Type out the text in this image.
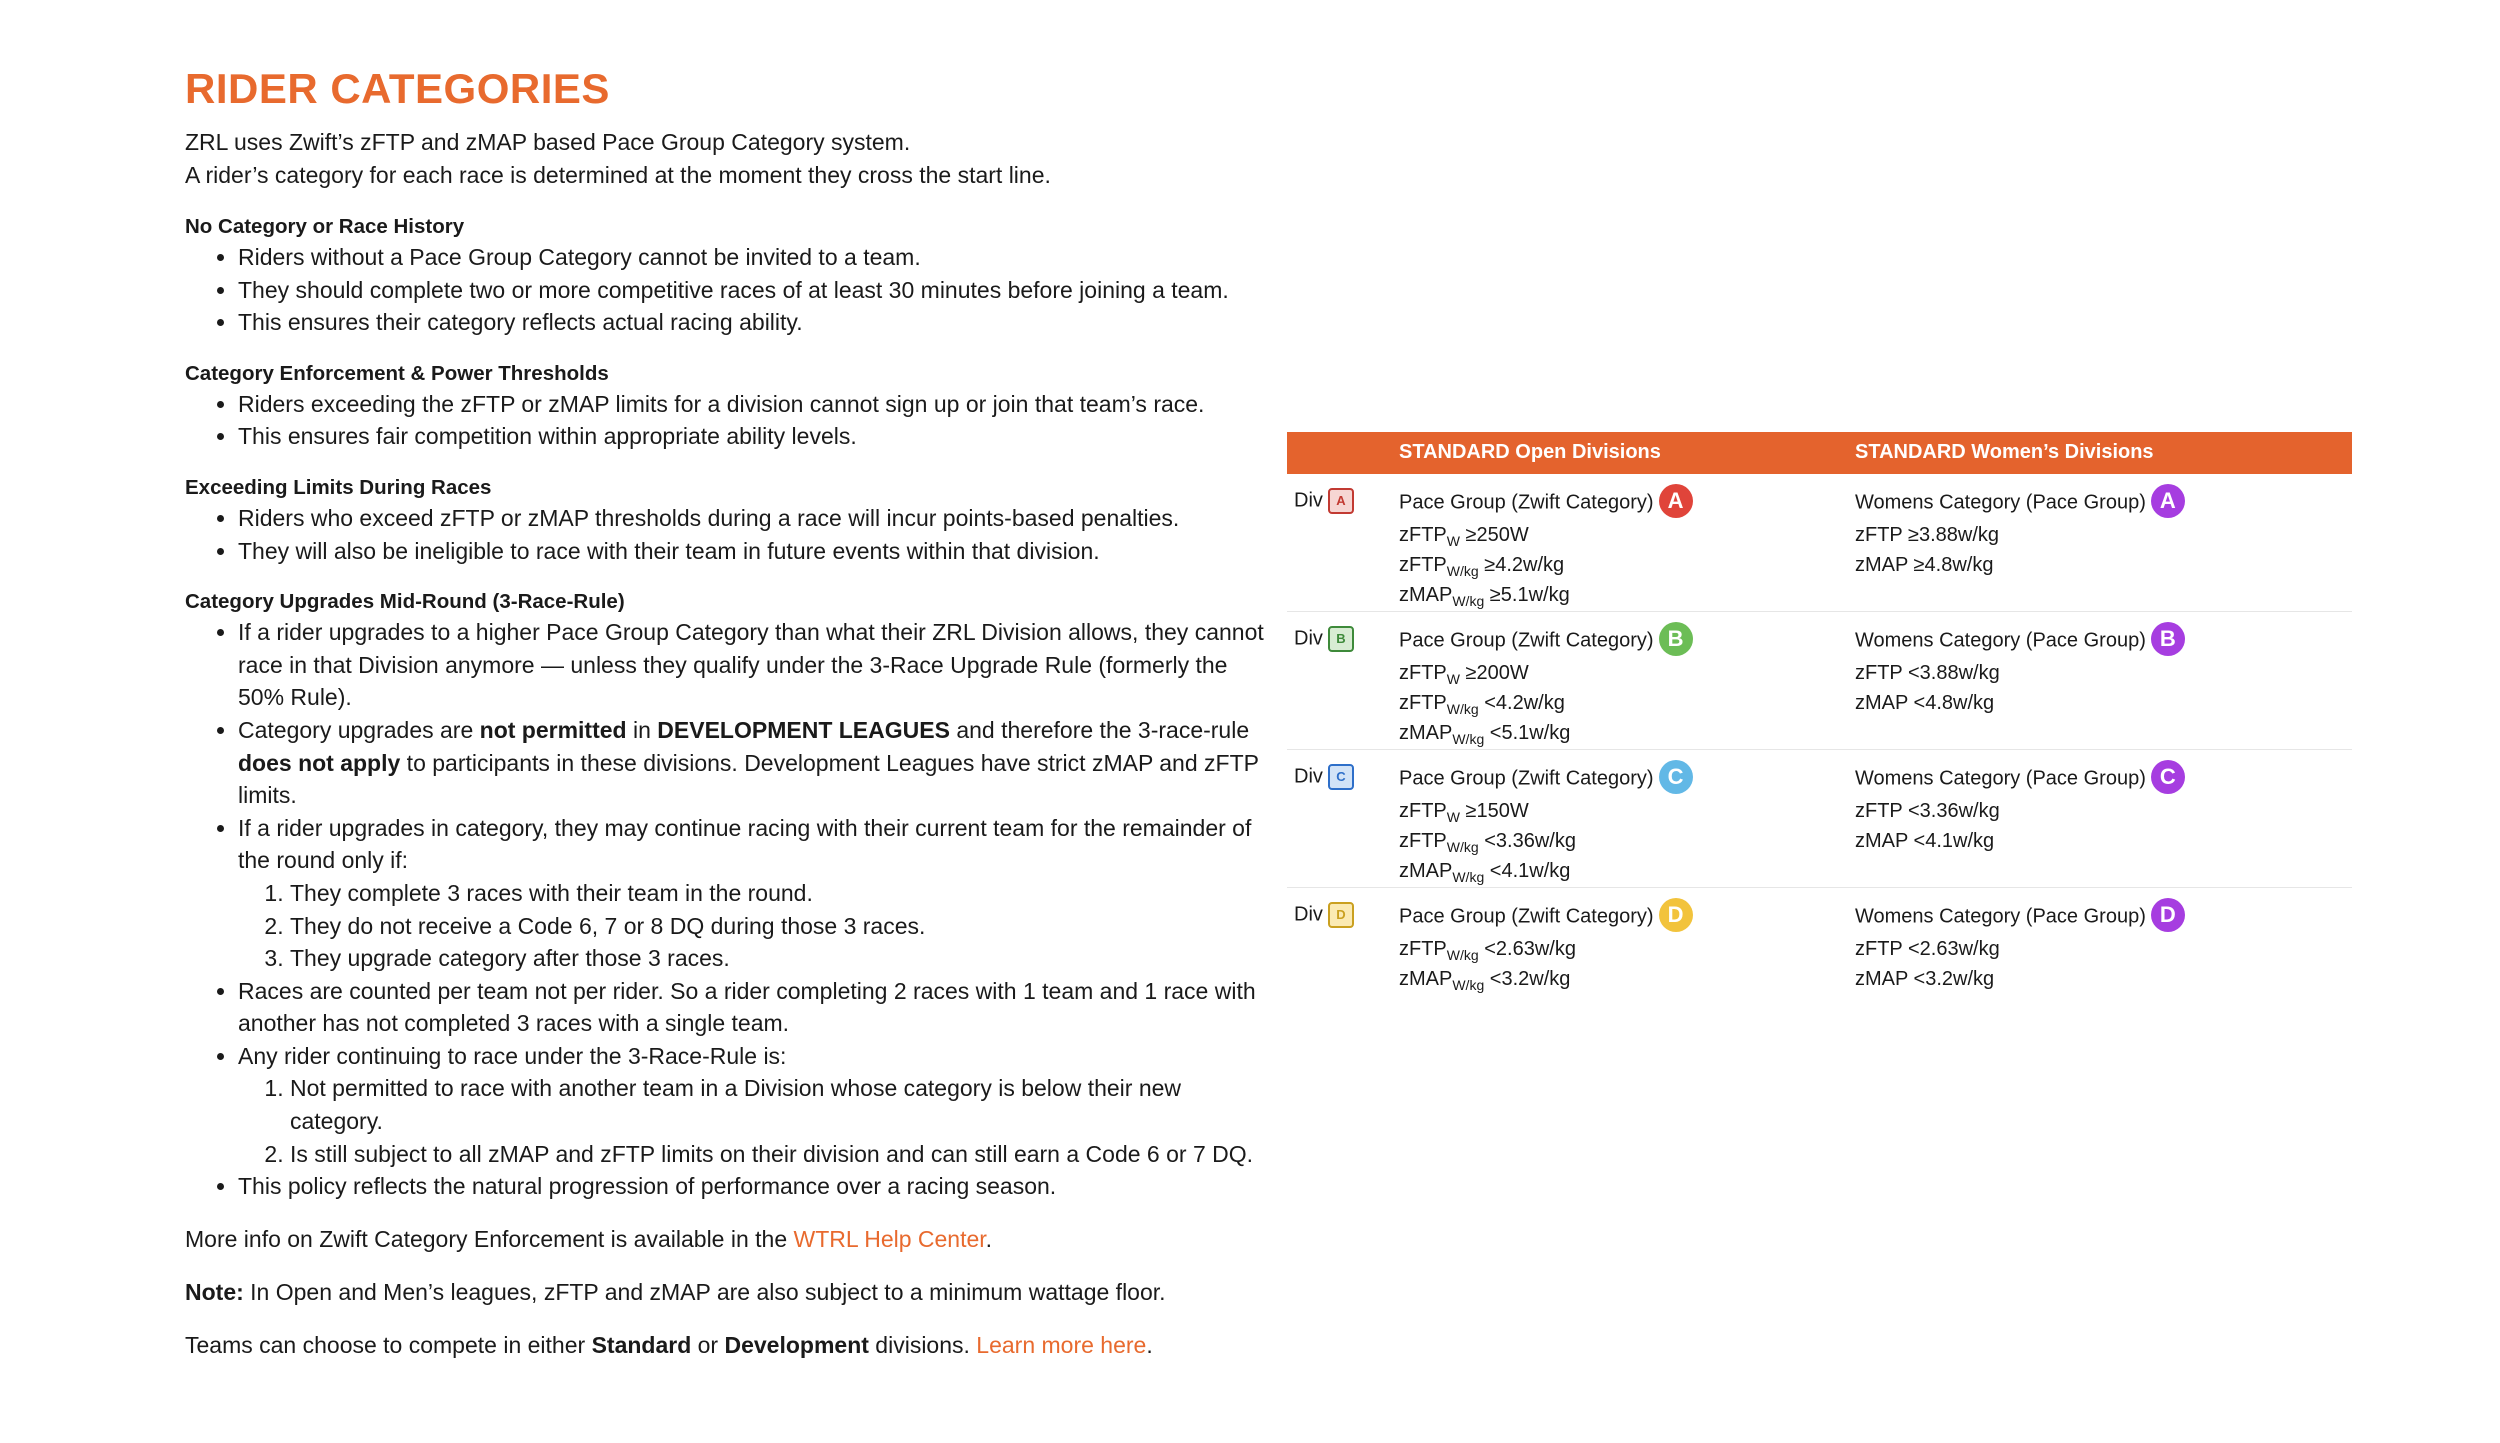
RIDER CATEGORIES
ZRL uses Zwift’s zFTP and zMAP based Pace Group Category system.
A rider’s category for each race is determined at the moment they cross the start line.
No Category or Race History
• Riders without a Pace Group Category cannot be invited to a team.
• They should complete two or more competitive races of at least 30 minutes before joining a team.
• This ensures their category reflects actual racing ability.
Category Enforcement & Power Thresholds
• Riders exceeding the zFTP or zMAP limits for a division cannot sign up or join that team’s race.
• This ensures fair competition within appropriate ability levels.
Exceeding Limits During Races
• Riders who exceed zFTP or zMAP thresholds during a race will incur points-based penalties.
• They will also be ineligible to race with their team in future events within that division.
Category Upgrades Mid-Round (3-Race-Rule)
• If a rider upgrades to a higher Pace Group Category than what their ZRL Division allows, they cannot race in that Division anymore — unless they qualify under the 3-Race Upgrade Rule (formerly the 50% Rule).
• Category upgrades are not permitted in DEVELOPMENT LEAGUES and therefore the 3-race-rule does not apply to participants in these divisions. Development Leagues have strict zMAP and zFTP limits.
• If a rider upgrades in category, they may continue racing with their current team for the remainder of the round only if:
1. They complete 3 races with their team in the round.
2. They do not receive a Code 6, 7 or 8 DQ during those 3 races.
3. They upgrade category after those 3 races.
• Races are counted per team not per rider. So a rider completing 2 races with 1 team and 1 race with another has not completed 3 races with a single team.
• Any rider continuing to race under the 3-Race-Rule is:
1. Not permitted to race with another team in a Division whose category is below their new category.
2. Is still subject to all zMAP and zFTP limits on their division and can still earn a Code 6 or 7 DQ.
• This policy reflects the natural progression of performance over a racing season.
More info on Zwift Category Enforcement is available in the WTRL Help Center.
Note: In Open and Men’s leagues, zFTP and zMAP are also subject to a minimum wattage floor.
Teams can choose to compete in either Standard or Development divisions. Learn more here.
STANDARD Open Divisions	STANDARD Women’s Divisions
Div A	Pace Group (Zwift Category) A
zFTP$_W$ ≥250W
zFTP$_{W/kg}$ ≥4.2w/kg
zMAP$_{W/kg}$ ≥5.1w/kg
Womens Category (Pace Group) A
zFTP ≥3.88w/kg
zMAP ≥4.8w/kg
Div B	Pace Group (Zwift Category) B
zFTP$_W$ ≥200W
zFTP$_{W/kg}$ <4.2w/kg
zMAP$_{W/kg}$ <5.1w/kg
Womens Category (Pace Group) B
zFTP <3.88w/kg
zMAP <4.8w/kg
Div C	Pace Group (Zwift Category) C
zFTP$_W$ ≥150W
zFTP$_{W/kg}$ <3.36w/kg
zMAP$_{W/kg}$ <4.1w/kg
Womens Category (Pace Group) C
zFTP <3.36w/kg
zMAP <4.1w/kg
Div D	Pace Group (Zwift Category) D
zFTP$_{W/kg}$ <2.63w/kg
zMAP$_{W/kg}$ <3.2w/kg
Womens Category (Pace Group) D
zFTP <2.63w/kg
zMAP <3.2w/kg
